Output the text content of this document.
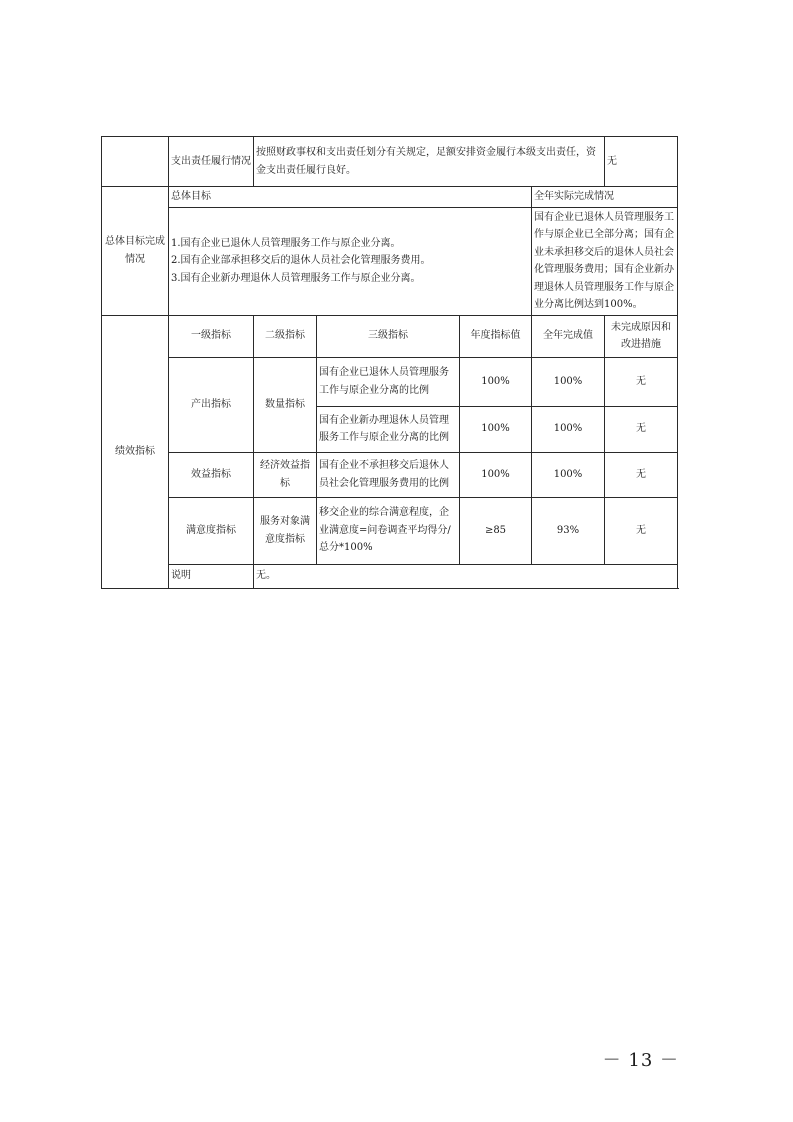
	支出责任履行情况	按照财政事权和支出责任划分有关规定，足额安排资金履行本级支出责任，资金支出责任履行良好。				无
总体目标完成情况	总体目标				全年实际完成情况	

	1.国有企业已退休人员管理服务工作与原企业分离。
2.国有企业部承担移交后的退休人员社会化管理服务费用。
3.国有企业新办理退休人员管理服务工作与原企业分离。				国有企业已退休人员管理服务工作与原企业已全部分离；国有企业未承担移交后的退休人员社会化管理服务费用；国有企业新办理退休人员管理服务工作与原企业分离比例达到100%。	
绩效指标	一级指标	二级指标	三级指标	年度指标值	全年完成值	未完成原因和改进措施
	产出指标	数量指标	国有企业已退休人员管理服务工作与原企业分离的比例	100%	100%	无
			国有企业新办理退休人员管理服务工作与原企业分离的比例	100%	100%	无
	效益指标	经济效益指标	国有企业不承担移交后退休人员社会化管理服务费用的比例	100%	100%	无
	满意度指标	服务对象满意度指标	移交企业的综合满意程度，企业满意度=问卷调查平均得分/总分*100%	≥85	93%	无
	说明	无。				
－ 13 －
